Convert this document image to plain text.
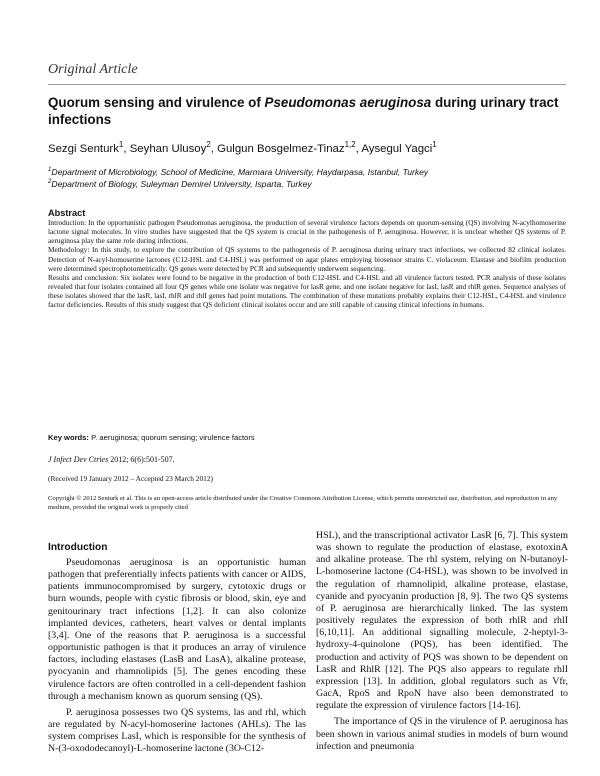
Original Article
Quorum sensing and virulence of Pseudomonas aeruginosa during urinary tract infections
Sezgi Senturk$^1$, Seyhan Ulusoy$^2$, Gulgun Bosgelmez-Tinaz$^{1,2}$, Aysegul Yagci$^1$
$^1$Department of Microbiology, School of Medicine, Marmara University, Haydarpasa, Istanbul, Turkey
$^2$Department of Biology, Suleyman Demirel University, Isparta, Turkey
Abstract

Introduction: In the opportunistic pathogen Pseudomonas aeruginosa, the production of several virulence factors depends on quorum-sensing (QS) involving N-acylhomoserine lactone signal molecules. In vitro studies have suggested that the QS system is crucial in the pathogenesis of P. aeruginosa. However, it is unclear whether QS systems of P. aeruginosa play the same role during infections.

Methodology: In this study, to explore the contribution of QS systems to the pathogenesis of P. aeruginosa during urinary tract infections, we collected 82 clinical isolates. Detection of N-acyl-homoserine lactones (C12-HSL and C4-HSL) was performed on agar plates employing biosensor strains C. violaceum. Elastase and biofilm production were determined spectrophotometrically. QS genes were detected by PCR and subsequently underwent sequencing.

Results and conclusion: Six isolates were found to be negative in the production of both C12-HSL and C4-HSL and all virulence factors tested. PCR analysis of these isolates revealed that four isolates contained all four QS genes while one isolate was negative for lasR gene, and one isolate negative for lasI, lasR and rhlR genes. Sequence analyses of these isolates showed that the lasR, lasI, rhlR and rhlI genes had point mutations. The combination of these mutations probably explains their C12-HSL, C4-HSL and virulence factor deficiencies. Results of this study suggest that QS deficient clinical isolates occur and are still capable of causing clinical infections in humans.

Key words: P. aeruginosa; quorum sensing; virulence factors
J Infect Dev Ctries 2012; 6(6):501-507.
(Received 19 January 2012 – Accepted 23 March 2012)
Copyright © 2012 Senturk et al. This is an open-access article distributed under the Creative Commons Attribution License, which permits unrestricted use, distribution, and reproduction in any medium, provided the original work is properly cited
Introduction

Pseudomonas aeruginosa is an opportunistic human pathogen that preferentially infects patients with cancer or AIDS, patients immunocompromised by surgery, cytotoxic drugs or burn wounds, people with cystic fibrosis or blood, skin, eye and genitourinary tract infections [1,2]. It can also colonize implanted devices, catheters, heart valves or dental implants [3,4]. One of the reasons that P. aeruginosa is a successful opportunistic pathogen is that it produces an array of virulence factors, including elastases (LasB and LasA), alkaline protease, pyocyanin and rhamnolipids [5]. The genes encoding these virulence factors are often controlled in a cell-dependent fashion through a mechanism known as quorum sensing (QS).

P. aeruginosa possesses two QS systems, las and rhl, which are regulated by N-acyl-homoserine lactones (AHLs). The las system comprises LasI, which is responsible for the synthesis of N-(3-oxododecanoyl)-L-homoserine lactone (3O-C12-

HSL), and the transcriptional activator LasR [6, 7]. This system was shown to regulate the production of elastase, exotoxinA and alkaline protease. The rhl system, relying on N-butanoyl-L-homoserine lactone (C4-HSL), was shown to be involved in the regulation of rhamnolipid, alkaline protease, elastase, cyanide and pyocyanin production [8, 9]. The two QS systems of P. aeruginosa are hierarchically linked. The las system positively regulates the expression of both rhlR and rhlI [6,10,11]. An additional signalling molecule, 2-heptyl-3-hydroxy-4-quinolone (PQS), has been identified. The production and activity of PQS was shown to be dependent on LasR and RhlR [12]. The PQS also appears to regulate rhlI expression [13]. In addition, global regulators such as Vfr, GacA, RpoS and RpoN have also been demonstrated to regulate the expression of virulence factors [14-16].

The importance of QS in the virulence of P. aeruginosa has been shown in various animal studies in models of burn wound infection and pneumonia
